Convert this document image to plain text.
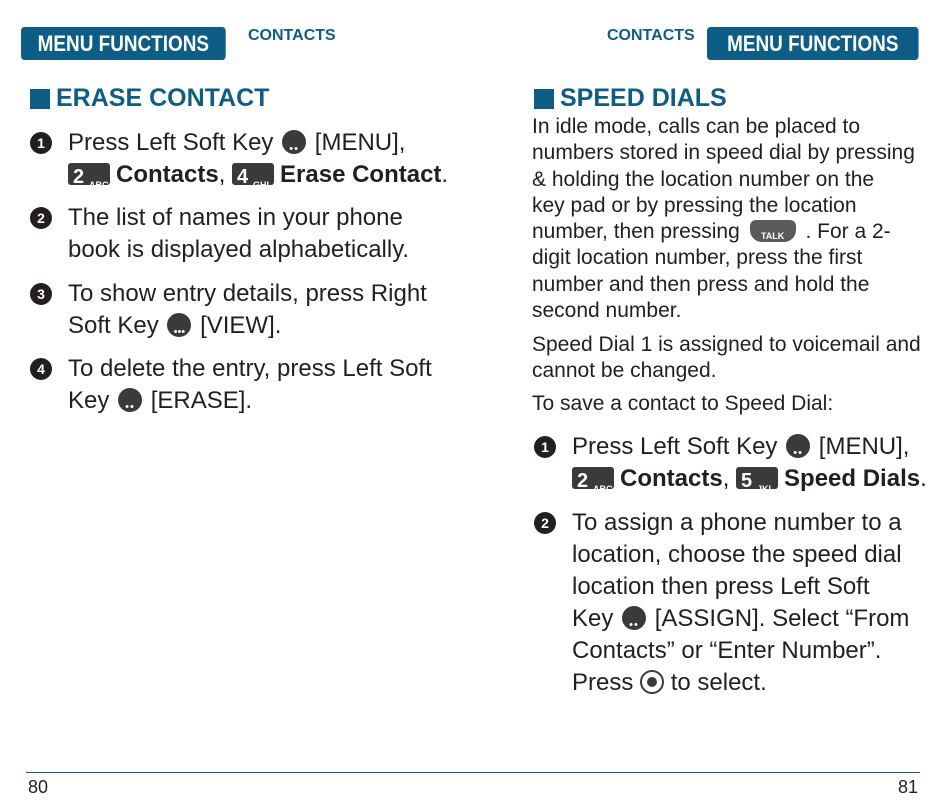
MENU FUNCTIONS	CONTACTS
ERASE CONTACT
1 Press Left Soft Key •• [MENU],
2 ABC Contacts, 4 GHI Erase Contact.
2 The list of names in your phone
book is displayed alphabetically.
3 To show entry details, press Right
Soft Key ••• [VIEW].
4 To delete the entry, press Left Soft
Key •• [ERASE].
CONTACTS	MENU FUNCTIONS
SPEED DIALS
In idle mode, calls can be placed to
numbers stored in speed dial by pressing
& holding the location number on the
key pad or by pressing the location
number, then pressing	TALK	. For a 2-
digit location number, press the first
number and then press and hold the
second number.
Speed Dial 1 is assigned to voicemail and
cannot be changed.
To save a contact to Speed Dial:
1 Press Left Soft Key •• [MENU],
2 ABC Contacts, 5 JKL Speed Dials.
2 To assign a phone number to a
location, choose the speed dial
location then press Left Soft
Key •• [ASSIGN]. Select “From
Contacts” or “Enter Number”.
Press to select.
80	81
